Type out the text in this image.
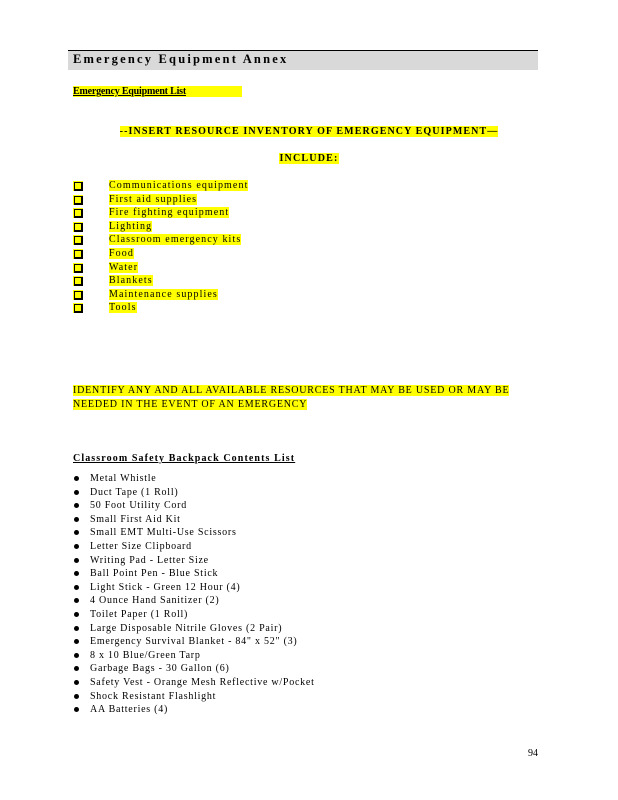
Emergency Equipment Annex
Emergency Equipment List
--INSERT RESOURCE INVENTORY OF EMERGENCY EQUIPMENT—
INCLUDE:
Communications equipment
First aid supplies
Fire fighting equipment
Lighting
Classroom emergency kits
Food
Water
Blankets
Maintenance supplies
Tools
IDENTIFY ANY AND ALL AVAILABLE RESOURCES THAT MAY BE USED OR MAY BE
NEEDED IN THE EVENT OF AN EMERGENCY
Classroom Safety Backpack Contents List
Metal Whistle
Duct Tape (1 Roll)
50 Foot Utility Cord
Small First Aid Kit
Small EMT Multi-Use Scissors
Letter Size Clipboard
Writing Pad - Letter Size
Ball Point Pen - Blue Stick
Light Stick - Green 12 Hour (4)
4 Ounce Hand Sanitizer (2)
Toilet Paper (1 Roll)
Large Disposable Nitrile Gloves (2 Pair)
Emergency Survival Blanket - 84" x 52" (3)
8 x 10 Blue/Green Tarp
Garbage Bags - 30 Gallon (6)
Safety Vest - Orange Mesh Reflective w/Pocket
Shock Resistant Flashlight
AA Batteries (4)
94
